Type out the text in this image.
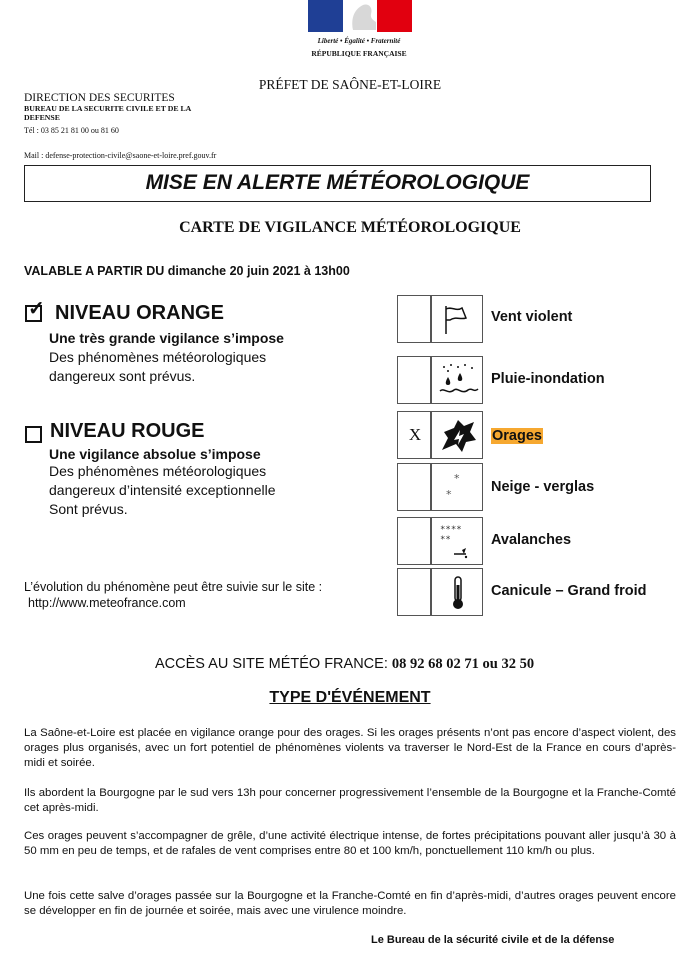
Liberté • Égalité • Fraternité
RÉPUBLIQUE FRANÇAISE
PRÉFET DE SAÔNE-ET-LOIRE
DIRECTION DES SECURITES
BUREAU DE LA SECURITE CIVILE ET DE LA DEFENSE
Tél : 03 85 21 81 00 ou 81 60
Mail : defense-protection-civile@saone-et-loire.pref.gouv.fr
MISE EN ALERTE MÉTÉOROLOGIQUE
CARTE DE VIGILANCE MÉTÉOROLOGIQUE
VALABLE A PARTIR DU dimanche 20 juin 2021 à 13h00
✓ NIVEAU ORANGE
Une très grande vigilance s’impose
Des phénomènes météorologiques
dangereux sont prévus.
NIVEAU ROUGE
Une vigilance absolue s’impose
Des phénomènes météorologiques
dangereux d’intensité exceptionnelle
Sont prévus.
L’évolution du phénomène peut être suivie sur le site :
http://www.meteofrance.com
Vent violent
Pluie-inondation
X	Orages
*
*	Neige - verglas
****
**	Avalanches
Canicule – Grand froid
ACCÈS AU SITE MÉTÉO FRANCE: 08 92 68 02 71 ou 32 50
TYPE D'ÉVÉNEMENT
La Saône-et-Loire est placée en vigilance orange pour des orages. Si les orages présents n’ont pas encore d’aspect violent, des orages plus organisés, avec un fort potentiel de phénomènes violents va traverser le Nord-Est de la France en cours d’après-midi et soirée.
Ils abordent la Bourgogne par le sud vers 13h pour concerner progressivement l’ensemble de la Bourgogne et la Franche-Comté cet après-midi.
Ces orages peuvent s’accompagner de grêle, d’une activité électrique intense, de fortes précipitations pouvant aller jusqu’à 30 à 50 mm en peu de temps, et de rafales de vent comprises entre 80 et 100 km/h, ponctuellement 110 km/h ou plus.
Une fois cette salve d’orages passée sur la Bourgogne et la Franche-Comté en fin d’après-midi, d’autres orages peuvent encore se développer en fin de journée et soirée, mais avec une virulence moindre.
Le Bureau de la sécurité civile et de la défense
